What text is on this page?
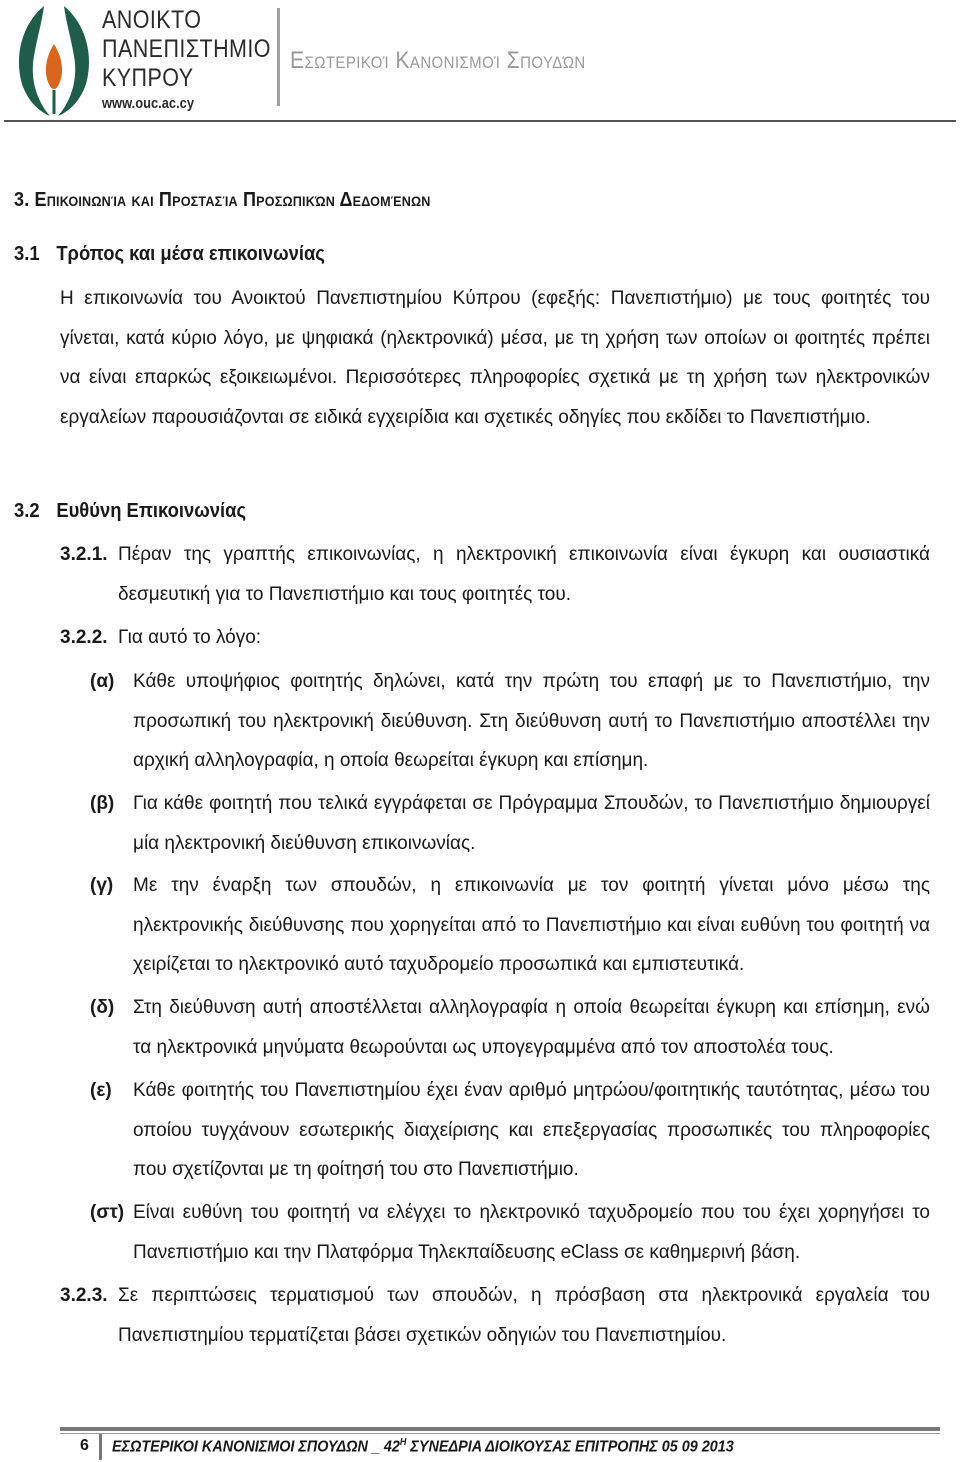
ΑΝΟΙΚΤΟ
ΠΑΝΕΠΙΣΤΗΜΙΟ
ΚΥΠΡΟΥ
www.ouc.ac.cy
Εσωτερικοί Κανονισμοί Σπουδών
3. Επικοινωνία και Προστασία Προσωπικών Δεδομένων
3.1 Τρόπος και μέσα επικοινωνίας
Η επικοινωνία του Ανοικτού Πανεπιστημίου Κύπρου (εφεξής: Πανεπιστήμιο) με τους φοιτητές του γίνεται, κατά κύριο λόγο, με ψηφιακά (ηλεκτρονικά) μέσα, με τη χρήση των οποίων οι φοιτητές πρέπει να είναι επαρκώς εξοικειωμένοι. Περισσότερες πληροφορίες σχετικά με τη χρήση των ηλεκτρονικών εργαλείων παρουσιάζονται σε ειδικά εγχειρίδια και σχετικές οδηγίες που εκδίδει το Πανεπιστήμιο.
3.2 Ευθύνη Επικοινωνίας
3.2.1. Πέραν της γραπτής επικοινωνίας, η ηλεκτρονική επικοινωνία είναι έγκυρη και ουσιαστικά δεσμευτική για το Πανεπιστήμιο και τους φοιτητές του.
3.2.2. Για αυτό το λόγο:
(α) Κάθε υποψήφιος φοιτητής δηλώνει, κατά την πρώτη του επαφή με το Πανεπιστήμιο, την προσωπική του ηλεκτρονική διεύθυνση. Στη διεύθυνση αυτή το Πανεπιστήμιο αποστέλλει την αρχική αλληλογραφία, η οποία θεωρείται έγκυρη και επίσημη.
(β) Για κάθε φοιτητή που τελικά εγγράφεται σε Πρόγραμμα Σπουδών, το Πανεπιστήμιο δημιουργεί μία ηλεκτρονική διεύθυνση επικοινωνίας.
(γ) Με την έναρξη των σπουδών, η επικοινωνία με τον φοιτητή γίνεται μόνο μέσω της ηλεκτρονικής διεύθυνσης που χορηγείται από το Πανεπιστήμιο και είναι ευθύνη του φοιτητή να χειρίζεται το ηλεκτρονικό αυτό ταχυδρομείο προσωπικά και εμπιστευτικά.
(δ) Στη διεύθυνση αυτή αποστέλλεται αλληλογραφία η οποία θεωρείται έγκυρη και επίσημη, ενώ τα ηλεκτρονικά μηνύματα θεωρούνται ως υπογεγραμμένα από τον αποστολέα τους.
(ε) Κάθε φοιτητής του Πανεπιστημίου έχει έναν αριθμό μητρώου/φοιτητικής ταυτότητας, μέσω του οποίου τυγχάνουν εσωτερικής διαχείρισης και επεξεργασίας προσωπικές του πληροφορίες που σχετίζονται με τη φοίτησή του στο Πανεπιστήμιο.
(στ) Είναι ευθύνη του φοιτητή να ελέγχει το ηλεκτρονικό ταχυδρομείο που του έχει χορηγήσει το Πανεπιστήμιο και την Πλατφόρμα Τηλεκπαίδευσης eClass σε καθημερινή βάση.
3.2.3. Σε περιπτώσεις τερματισμού των σπουδών, η πρόσβαση στα ηλεκτρονικά εργαλεία του Πανεπιστημίου τερματίζεται βάσει σχετικών οδηγιών του Πανεπιστημίου.
6 ΕΣΩΤΕΡΙΚΟΙ ΚΑΝΟΝΙΣΜΟΙ ΣΠΟΥΔΩΝ _ $42^H$ ΣΥΝΕΔΡΙΑ ΔΙΟΙΚΟΥΣΑΣ ΕΠΙΤΡΟΠΗΣ 05 09 2013
